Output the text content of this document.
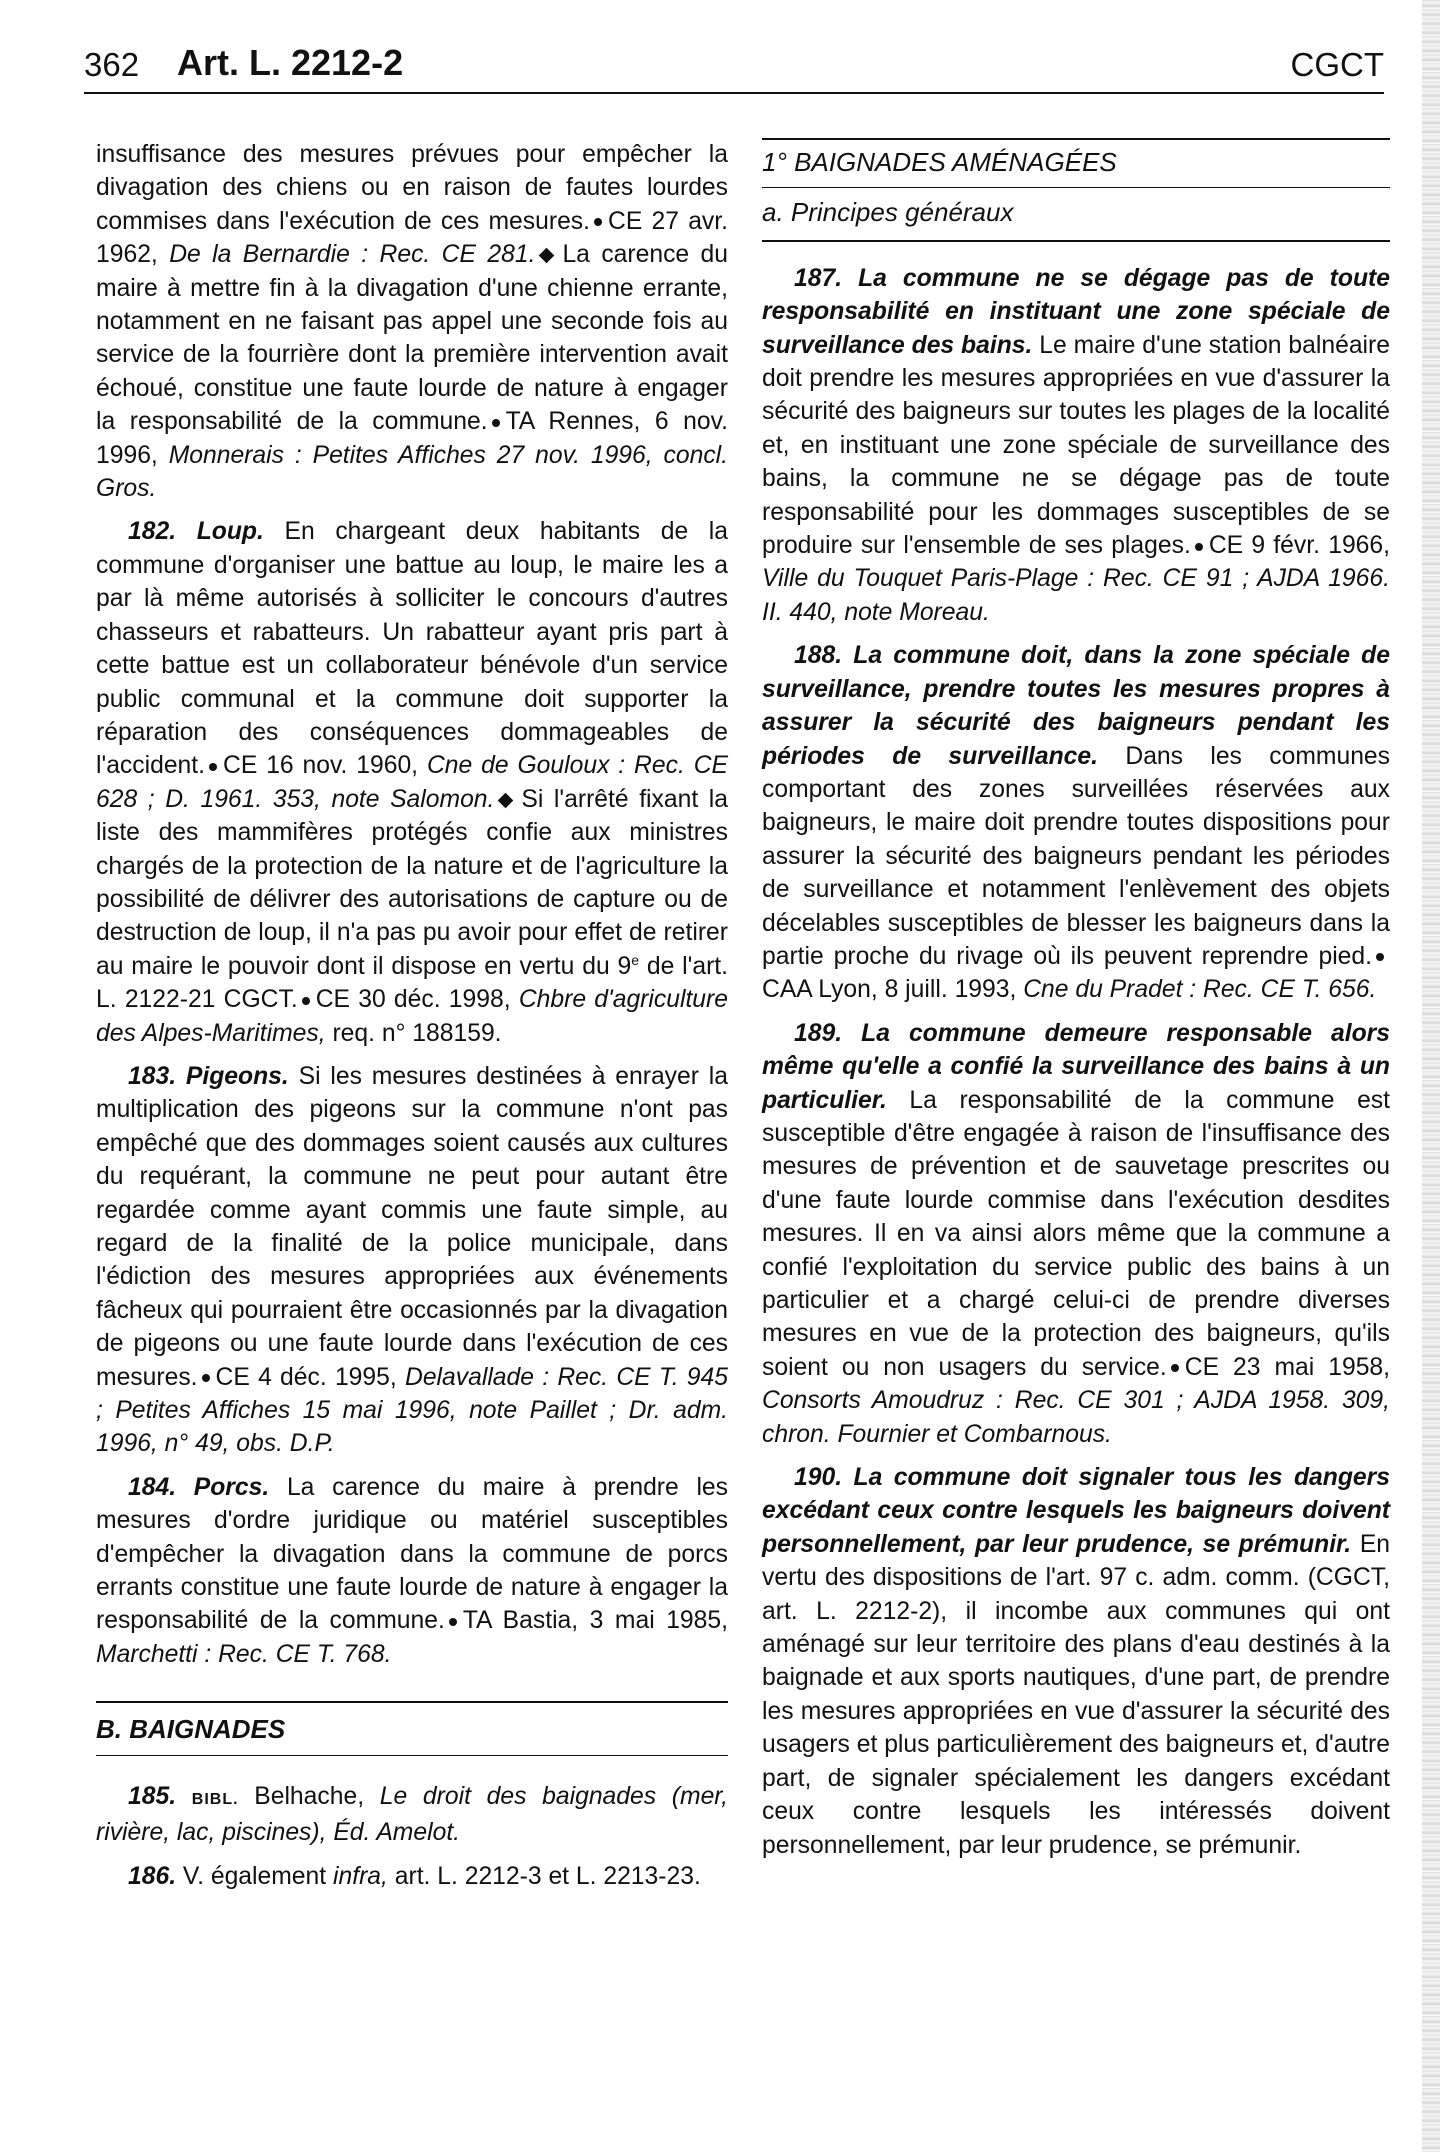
362 Art. L. 2212-2	CGCT

insuffisance des mesures prévues pour empêcher la divagation des chiens ou en raison de fautes lourdes commises dans l'exécution de ces mesures. CE 27 avr. 1962, De la Bernardie : Rec. CE 281. La carence du maire à mettre fin à la divagation d'une chienne errante, notamment en ne faisant pas appel une seconde fois au service de la fourrière dont la première intervention avait échoué, constitue une faute lourde de nature à engager la responsabilité de la commune. TA Rennes, 6 nov. 1996, Monnerais : Petites Affiches 27 nov. 1996, concl. Gros.

182. Loup. En chargeant deux habitants de la commune d'organiser une battue au loup, le maire les a par là même autorisés à solliciter le concours d'autres chasseurs et rabatteurs. Un rabatteur ayant pris part à cette battue est un collaborateur bénévole d'un service public communal et la commune doit supporter la réparation des conséquences dommageables de l'accident. CE 16 nov. 1960, Cne de Gouloux : Rec. CE 628 ; D. 1961. 353, note Salomon. Si l'arrêté fixant la liste des mammifères protégés confie aux ministres chargés de la protection de la nature et de l'agriculture la possibilité de délivrer des autorisations de capture ou de destruction de loup, il n'a pas pu avoir pour effet de retirer au maire le pouvoir dont il dispose en vertu du 9e de l'art. L. 2122-21 CGCT. CE 30 déc. 1998, Chbre d'agriculture des Alpes-Maritimes, req. n° 188159.

183. Pigeons. Si les mesures destinées à enrayer la multiplication des pigeons sur la commune n'ont pas empêché que des dommages soient causés aux cultures du requérant, la commune ne peut pour autant être regardée comme ayant commis une faute simple, au regard de la finalité de la police municipale, dans l'édiction des mesures appropriées aux événements fâcheux qui pourraient être occasionnés par la divagation de pigeons ou une faute lourde dans l'exécution de ces mesures. CE 4 déc. 1995, Delavallade : Rec. CE T. 945 ; Petites Affiches 15 mai 1996, note Paillet ; Dr. adm. 1996, n° 49, obs. D.P.

184. Porcs. La carence du maire à prendre les mesures d'ordre juridique ou matériel susceptibles d'empêcher la divagation dans la commune de porcs errants constitue une faute lourde de nature à engager la responsabilité de la commune. TA Bastia, 3 mai 1985, Marchetti : Rec. CE T. 768.

B. BAIGNADES

185. BIBL. Belhache, Le droit des baignades (mer, rivière, lac, piscines), Éd. Amelot.

186. V. également infra, art. L. 2212-3 et L. 2213-23.

1° BAIGNADES AMÉNAGÉES
a. Principes généraux

187. La commune ne se dégage pas de toute responsabilité en instituant une zone spéciale de surveillance des bains. Le maire d'une station balnéaire doit prendre les mesures appropriées en vue d'assurer la sécurité des baigneurs sur toutes les plages de la localité et, en instituant une zone spéciale de surveillance des bains, la commune ne se dégage pas de toute responsabilité pour les dommages susceptibles de se produire sur l'ensemble de ses plages. CE 9 févr. 1966, Ville du Touquet Paris-Plage : Rec. CE 91 ; AJDA 1966. II. 440, note Moreau.

188. La commune doit, dans la zone spéciale de surveillance, prendre toutes les mesures propres à assurer la sécurité des baigneurs pendant les périodes de surveillance. Dans les communes comportant des zones surveillées réservées aux baigneurs, le maire doit prendre toutes dispositions pour assurer la sécurité des baigneurs pendant les périodes de surveillance et notamment l'enlèvement des objets décelables susceptibles de blesser les baigneurs dans la partie proche du rivage où ils peuvent reprendre pied.CAA Lyon, 8 juill. 1993, Cne du Pradet : Rec. CE T. 656.

189. La commune demeure responsable alors même qu'elle a confié la surveillance des bains à un particulier. La responsabilité de la commune est susceptible d'être engagée à raison de l'insuffisance des mesures de prévention et de sauvetage prescrites ou d'une faute lourde commise dans l'exécution desdites mesures. Il en va ainsi alors même que la commune a confié l'exploitation du service public des bains à un particulier et a chargé celui-ci de prendre diverses mesures en vue de la protection des baigneurs, qu'ils soient ou non usagers du service. CE 23 mai 1958, Consorts Amoudruz : Rec. CE 301 ; AJDA 1958. 309, chron. Fournier et Combarnous.

190. La commune doit signaler tous les dangers excédant ceux contre lesquels les baigneurs doivent personnellement, par leur prudence, se prémunir. En vertu des dispositions de l'art. 97 c. adm. comm. (CGCT, art. L. 2212-2), il incombe aux communes qui ont aménagé sur leur territoire des plans d'eau destinés à la baignade et aux sports nautiques, d'une part, de prendre les mesures appropriées en vue d'assurer la sécurité des usagers et plus particulièrement des baigneurs et, d'autre part, de signaler spécialement les dangers excédant ceux contre lesquels les intéressés doivent personnellement, par leur prudence, se prémunir.
